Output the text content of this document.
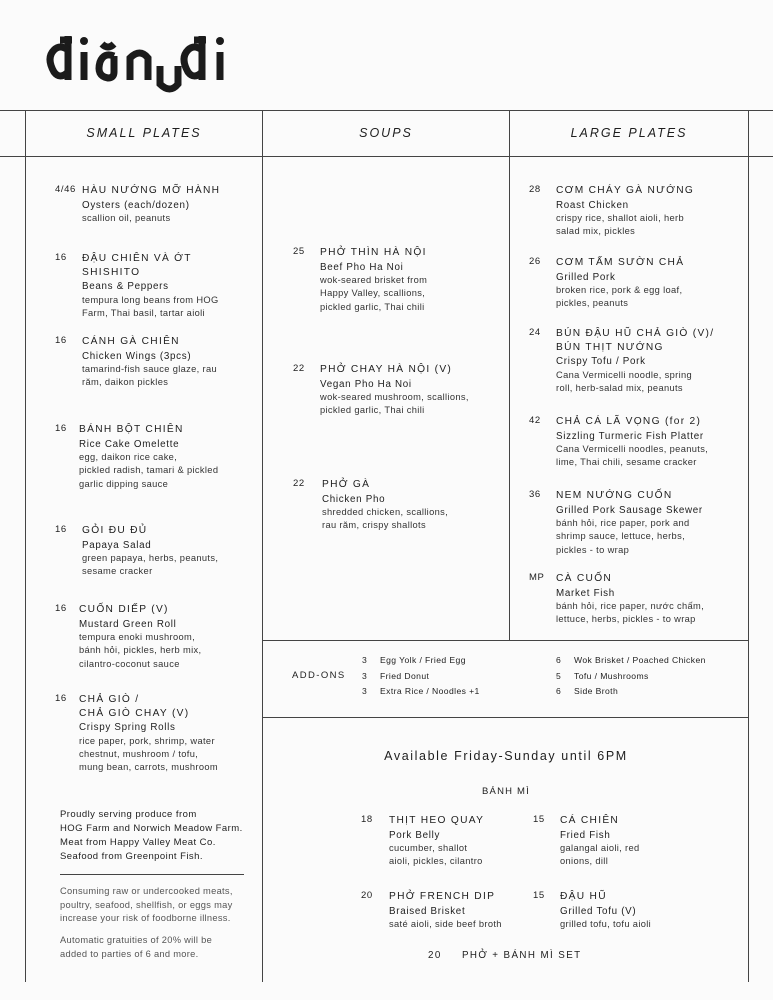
SMALL PLATES	SOUPS	LARGE PLATES
4/46 HÀU NƯỚNG MỠ HÀNH
Oysters (each/dozen)
scallion oil, peanuts
16 ĐẬU CHIÊN VÀ ỚT SHISHITO
Beans & Peppers
tempura long beans from HOG
Farm, Thai basil, tartar aioli
16 CÁNH GÀ CHIÊN
Chicken Wings (3pcs)
tamarind-fish sauce glaze, rau
răm, daikon pickles
16 BÁNH BỘT CHIÊN
Rice Cake Omelette
egg, daikon rice cake,
pickled radish, tamari & pickled
garlic dipping sauce
16 GỎI ĐU ĐỦ
Papaya Salad
green papaya, herbs, peanuts,
sesame cracker
16 CUỐN DIẾP (V)
Mustard Green Roll
tempura enoki mushroom,
bánh hỏi, pickles, herb mix,
cilantro-coconut sauce
16 CHẢ GIÒ /
CHẢ GIÒ CHAY (V)
Crispy Spring Rolls
rice paper, pork, shrimp, water
chestnut, mushroom / tofu,
mung bean, carrots, mushroom
Proudly serving produce from
HOG Farm and Norwich Meadow Farm.
Meat from Happy Valley Meat Co.
Seafood from Greenpoint Fish.
Consuming raw or undercooked meats,
poultry, seafood, shellfish, or eggs may
increase your risk of foodborne illness.
Automatic gratuities of 20% will be
added to parties of 6 and more.
25 PHỞ THÌN HÀ NỘI
Beef Pho Ha Noi
wok-seared brisket from
Happy Valley, scallions,
pickled garlic, Thai chili
22 PHỞ CHAY HÀ NỘI (V)
Vegan Pho Ha Noi
wok-seared mushroom, scallions,
pickled garlic, Thai chili
22 PHỞ GÀ
Chicken Pho
shredded chicken, scallions,
rau răm, crispy shallots
28 CƠM CHÁY GÀ NƯỚNG
Roast Chicken
crispy rice, shallot aioli, herb
salad mix, pickles
26 CƠM TẤM SƯỜN CHẢ
Grilled Pork
broken rice, pork & egg loaf,
pickles, peanuts
24 BÚN ĐẬU HŨ CHẢ GIÒ (V)/
BÚN THỊT NƯỚNG
Crispy Tofu / Pork
Cana Vermicelli noodle, spring
roll, herb-salad mix, peanuts
42 CHẢ CÁ LÃ VỌNG (for 2)
Sizzling Turmeric Fish Platter
Cana Vermicelli noodles, peanuts,
lime, Thai chili, sesame cracker
36 NEM NƯỚNG CUỐN
Grilled Pork Sausage Skewer
bánh hỏi, rice paper, pork and
shrimp sauce, lettuce, herbs,
pickles - to wrap
MP CÀ CUỐN
Market Fish
bánh hỏi, rice paper, nước chấm,
lettuce, herbs, pickles - to wrap
ADD-ONS
3 Egg Yolk / Fried Egg
3 Fried Donut
3 Extra Rice / Noodles +1
6 Wok Brisket / Poached Chicken
5 Tofu / Mushrooms
6 Side Broth
Available Friday-Sunday until 6PM
BÁNH MÌ
18 THỊT HEO QUAY
Pork Belly
cucumber, shallot
aioli, pickles, cilantro
15 CÁ CHIÊN
Fried Fish
galangal aioli, red
onions, dill
20 PHỞ FRENCH DIP
Braised Brisket
saté aioli, side beef broth
15 ĐẬU HŨ
Grilled Tofu (V)
grilled tofu, tofu aioli
20 PHỞ + BÁNH MÌ SET
